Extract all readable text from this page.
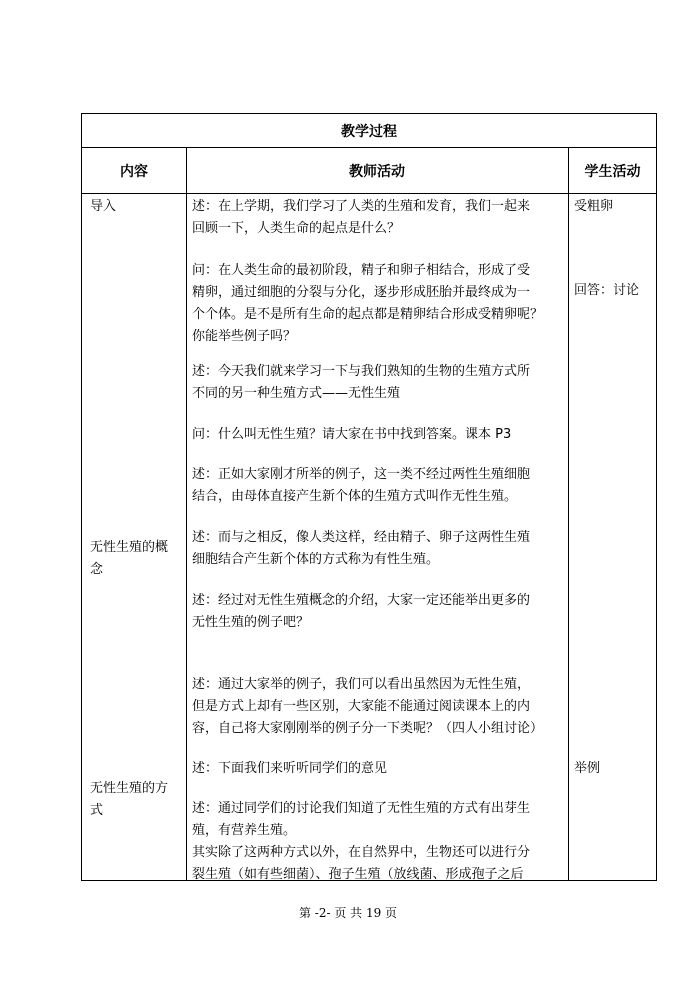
教学过程
内容	教师活动	学生活动
导入
无性生殖的概
念
无性生殖的方
式
述：在上学期，我们学习了人类的生殖和发育，我们一起来
回顾一下，人类生命的起点是什么？
问：在人类生命的最初阶段，精子和卵子相结合，形成了受
精卵，通过细胞的分裂与分化，逐步形成胚胎并最终成为一
个个体。是不是所有生命的起点都是精卵结合形成受精卵呢？
你能举些例子吗？
述：今天我们就来学习一下与我们熟知的生物的生殖方式所
不同的另一种生殖方式——无性生殖
问：什么叫无性生殖？请大家在书中找到答案。课本 P3
述：正如大家刚才所举的例子，这一类不经过两性生殖细胞
结合，由母体直接产生新个体的生殖方式叫作无性生殖。
述：而与之相反，像人类这样，经由精子、卵子这两性生殖
细胞结合产生新个体的方式称为有性生殖。
述：经过对无性生殖概念的介绍，大家一定还能举出更多的
无性生殖的例子吧？
述：通过大家举的例子，我们可以看出虽然因为无性生殖，
但是方式上却有一些区别，大家能不能通过阅读课本上的内
容，自己将大家刚刚举的例子分一下类呢？（四人小组讨论）
述：下面我们来听听同学们的意见
述：通过同学们的讨论我们知道了无性生殖的方式有出芽生
殖，有营养生殖。
其实除了这两种方式以外，在自然界中，生物还可以进行分
裂生殖（如有些细菌）、孢子生殖（放线菌、形成孢子之后
受粗卵
回答：讨论
举例
第 -2- 页 共 19 页
